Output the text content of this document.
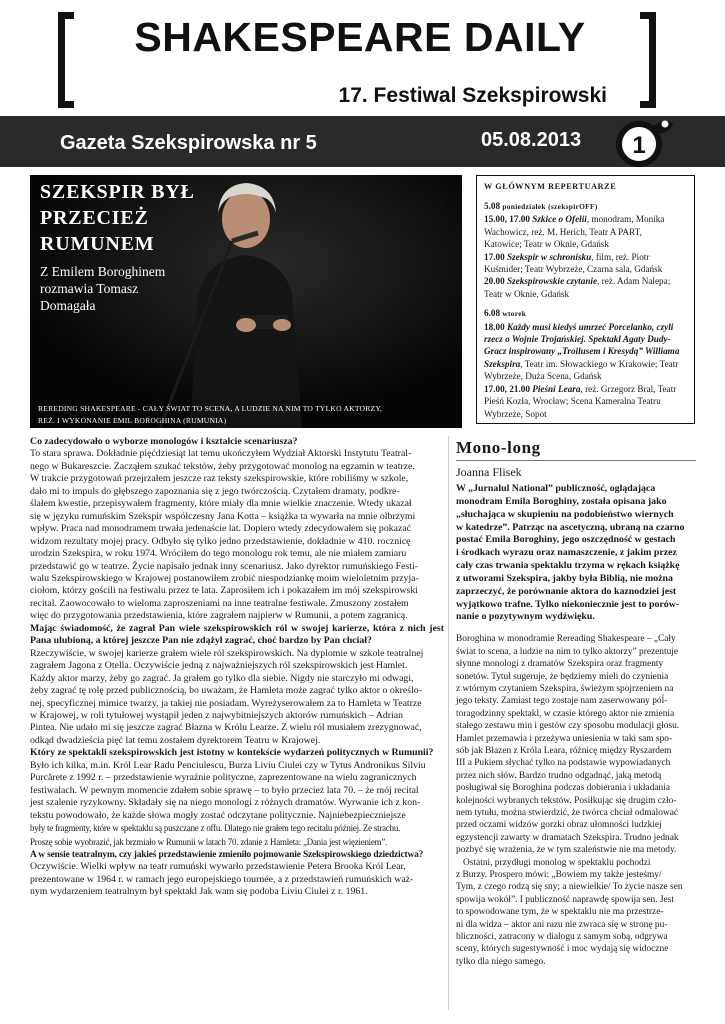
SHAKESPEARE DAILY
17. Festiwal Szekspirowski
Gazeta Szekspirowska nr 5	05.08.2013 1
SZEKSPIR BYŁ
PRZECIEŻ
RUMUNEM
Z Emilem Boroghinem
rozmawia Tomasz
Domagała
REREDING SHAKESPEARE - CAŁY ŚWIAT TO SCENA, A LUDZIE NA NIM TO TYLKO AKTORZY,
REŻ. I WYKONANIE EMIL BOROGHINA (RUMUNIA)
fot. Greg Goodale
W GŁÓWNYM REPERTUARZE
5.08 poniedziałek (szekspirOFF)
15.00, 17.00 Szkice o Ofelii, monodram, Monika
Wachowicz, reż. M. Herich, Teatr A PART,
Katowice; Teatr w Oknie, Gdańsk
17.00 Szekspir w schronisku, film, reż. Piotr
Kuśmider; Teatr Wybrzeże, Czarna sala, Gdańsk
20.00 Szekspirowskie czytanie, reż. Adam Nalepa;
Teatr w Oknie, Gdańsk
6.08 wtorek
18.00 Każdy musi kiedyś umrzeć Porcelanko, czyli
rzecz o Wojnie Trojańskiej. Spektakl Agaty Dudy-
Gracz inspirowany „Troilusem i Kresydą” Williama
Szekspira, Teatr im. Słowackiego w Krakowie; Teatr
Wybrzeże, Duża Scena, Gdańsk
17.00, 21.00 Pieśni Leara, reż. Grzegorz Bral, Teatr
Pieśń Kozła, Wrocław; Scena Kameralna Teatru
Wybrzeże, Sopot

Co zadecydowało o wyborze monologów i kształcie scenariusza?

To stara sprawa. Dokładnie pięćdziesiąt lat temu ukończyłem Wydział Aktorski Instytutu Teatral-
nego w Bukareszcie. Zacząłem szukać tekstów, żeby przygotować monolog na egzamin w teatrze.
W trakcie przygotowań przejrzałem jeszcze raz teksty szekspirowskie, które robiliśmy w szkole,
dało mi to impuls do głębszego zapoznania się z jego twórczością. Czytałem dramaty, podkre-
ślałem kwestie, przepisywałem fragmenty, które miały dla mnie wielkie znaczenie. Wtedy ukazał
się w języku rumuńskim Szekspir współczesny Jana Kotta – książka ta wywarła na mnie olbrzymi
wpływ. Praca nad monodramem trwała jedenaście lat. Dopiero wtedy zdecydowałem się pokazać
widzom rezultaty mojej pracy. Odbyło się tylko jedno przedstawienie, dokładnie w 410. rocznicę
urodzin Szekspira, w roku 1974. Wróciłem do tego monologu rok temu, ale nie miałem zamiaru
przedstawić go w teatrze. Życie napisało jednak inny scenariusz. Jako dyrektor rumuńskiego Festi-
walu Szekspirowskiego w Krajowej postanowiłem zrobić niespodziankę moim wieloletnim przyja-
ciołom, którzy gościli na festiwalu przez te lata. Zaprosiłem ich i pokazałem im mój szekspirowski
recital. Zaowocowało to wieloma zaproszeniami na inne teatralne festiwale. Zmuszony zostałem
więc do przygotowania przedstawienia, które zagrałem najpierw w Rumunii, a potem zagranicą.

Mając świadomość, że zagrał Pan wiele szekspirowskich ról w swojej karierze, która z nich jest Pana ulubioną, a której jeszcze Pan nie zdążył zagrać, choć bardzo by Pan chciał?

Rzeczywiście, w swojej karierze grałem wiele ról szekspirowskich. Na dyplomie w szkole teatralnej
zagrałem Jagona z Otella. Oczywiście jedną z najważniejszych ról szekspirowskich jest Hamlet.
Każdy aktor marzy, żeby go zagrać. Ja grałem go tylko dla siebie. Nigdy nie starczyło mi odwagi,
żeby zagrać tę rolę przed publicznością, bo uważam, że Hamleta może zagrać tylko aktor o określo-
nej, specyficznej mimice twarzy, ja takiej nie posiadam. Wyreżyserowałem za to Hamleta w Teatrze
w Krajowej, w roli tytułowej wystąpił jeden z najwybitniejszych aktorów rumuńskich – Adrian
Pintea. Nie udało mi się jeszcze zagrać Błazna w Królu Learze. Z wielu ról musiałem zrezygnować,
odkąd dwadzieścia pięć lat temu zostałem dyrektorem Teatru w Krajowej.

Który ze spektakli szekspirowskich jest istotny w kontekście wydarzeń politycznych w Rumunii?

Było ich kilka, m.in. Król Lear Radu Penciulescu, Burza Liviu Ciulei czy w Tytus Andronikus Silviu
Purcărete z 1992 r. – przedstawienie wyraźnie polityczne, zaprezentowane na wielu zagranicznych
festiwalach. W pewnym momencie zdałem sobie sprawę – to było przecież lata 70. – że mój recital
jest szalenie ryzykowny. Składały się na niego monologi z różnych dramatów. Wyrwanie ich z kon-
tekstu powodowało, że każde słowa mogły zostać odczytane politycznie. Najniebezpieczniejsze
były te fragmenty, które w spektaklu są puszczane z offu. Dlatego nie grałem tego recitalu później. Ze strachu.
Proszę sobie wyobrazić, jak brzmiało w Rumunii w latach 70. zdanie z Hamleta: „Dania jest więzieniem”.

A w sensie teatralnym, czy jakieś przedstawienie zmieniło pojmowanie Szekspirowskiego dziedzictwa?

Oczywiście. Wielki wpływ na teatr rumuński wywarło przedstawienie Petera Brooka Król Lear,
prezentowane w 1964 r. w ramach jego europejskiego tournée, a z przedstawień rumuńskich waż-
nym wydarzeniem teatralnym był spektakl Jak wam się podoba Liviu Ciulei z r. 1961.

Mono-long
Joanna Flisek
W „Jurnalul National” publiczność, oglądająca
monodram Emila Boroghiny, została opisana jako
„słuchająca w skupieniu na podobieństwo wiernych
w katedrze”. Patrząc na ascetyczną, ubraną na czarno
postać Emila Boroghiny, jego oszczędność w gestach
i środkach wyrazu oraz namaszczenie, z jakim przez
cały czas trwania spektaklu trzyma w rękach książkę
z utworami Szekspira, jakby była Biblią, nie można
zaprzeczyć, że porównanie aktora do kaznodziei jest
wyjątkowo trafne. Tylko niekoniecznie jest to porów-
nanie o pozytywnym wydźwięku.
Boroghina w monodramie Rereading Shakespeare – „Cały
świat to scena, a ludzie na nim to tylko aktorzy” prezentuje
słynne monologi z dramatów Szekspira oraz fragmenty
sonetów. Tytuł sugeruje, że będziemy mieli do czynienia
z wtórnym czytaniem Szekspira, świeżym spojrzeniem na
jego teksty. Zamiast tego zostaje nam zaserwowany póĺ-
toragodzinny spektakl, w czasie którego aktor nie zmienia
stałego zestawu min i gestów czy sposobu modulacji głosu.
Hamlet przemawia i przeżywa uniesienia w taki sam spo-
sób jak Błazen z Króla Leara, różnicę między Ryszardem
III a Pukiem słychać tylko na podstawie wypowiadanych
przez nich słów. Bardzo trudno odgadnąć, jaką metodą
posługiwał się Boroghina podczas dobierania i układania
kolejności wybranych tekstów. Posiłkując się drugim czło-
nem tytułu, można stwierdzić, że twórca chciał odmalować
przed oczami widzów gorzki obraz ułomności ludzkiej
egzystencji zawarty w dramatach Szekspira. Trudno jednak
pozbyć się wrażenia, że w tym szaleństwie nie ma metody.
Ostatni, przydługi monolog w spektaklu pochodzi
z Burzy. Prospero mówi: „Bowiem my także jesteśmy/
Tym, z czego rodzą się sny; a niewielkie/ To życie nasze sen
spowija wokół”. I publiczność naprawdę spowija sen. Jest
to spowodowane tym, że w spektaklu nie ma przestrze-
ni dla widza – aktor ani razu nie zwraca się w stronę pu-
bliczności, zatracony w dialogu z samym sobą, odgrywa
sceny, których sugestywność i moc wydają się widoczne
tylko dla niego samego.
